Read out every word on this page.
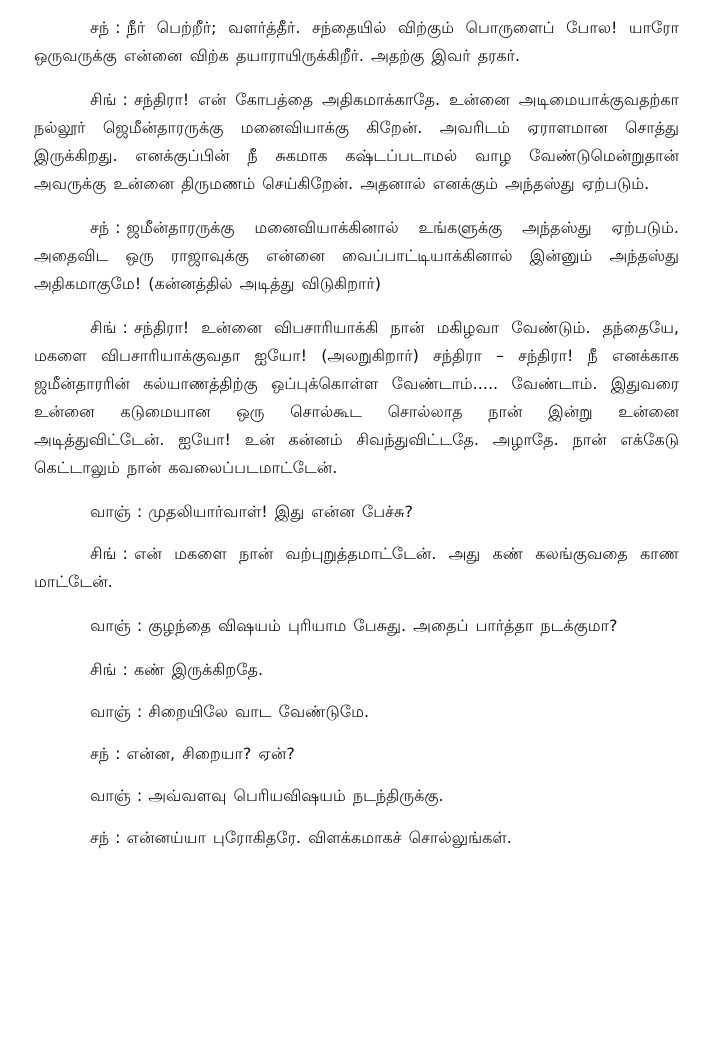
சந் : நீர் பெற்றீர்; வளர்த்தீர். சந்தையில் விற்கும் பொருளைப் போல! யாரோ ஒருவருக்கு என்னை விற்க தயாராயிருக்கிறீர். அதற்கு இவர் தரகர்.

சிங் : சந்திரா! என் கோபத்தை அதிகமாக்காதே. உன்னை அடிமையாக்குவதற்கா நல்லூர் ஜெமீன்தாரருக்கு மனைவியாக்கு கிறேன். அவரிடம் ஏராளமான சொத்து இருக்கிறது. எனக்குப்பின் நீ சுகமாக கஷ்டப்படாமல் வாழ வேண்டுமென்றுதான் அவருக்கு உன்னை திருமணம் செய்கிறேன். அதனால் எனக்கும் அந்தஸ்து ஏற்படும்.

சந் : ஜமீன்தாரருக்கு மனைவியாக்கினால் உங்களுக்கு அந்தஸ்து ஏற்படும். அதைவிட ஒரு ராஜாவுக்கு என்னை வைப்பாட்டியாக்கினால் இன்னும் அந்தஸ்து அதிகமாகுமே! (கன்னத்தில் அடித்து விடுகிறார்)

சிங் : சந்திரா! உன்னை விபசாரியாக்கி நான் மகிழவா வேண்டும். தந்தையே, மகளை விபசாரியாக்குவதா ஐயோ! (அலறுகிறார்) சந்திரா – சந்திரா! நீ எனக்காக ஜமீன்தாரரின் கல்யாணத்திற்கு ஒப்புக்கொள்ள வேண்டாம்..... வேண்டாம். இதுவரை உன்னை கடுமையான ஒரு சொல்கூட சொல்லாத நான் இன்று உன்னை அடித்துவிட்டேன். ஐயோ! உன் கன்னம் சிவந்துவிட்டதே. அழாதே. நான் எக்கேடு கெட்டாலும் நான் கவலைப்படமாட்டேன்.

வாஞ் : முதலியார்வாள்! இது என்ன பேச்சு?

சிங் : என் மகளை நான் வற்புறுத்தமாட்டேன். அது கண் கலங்குவதை காண மாட்டேன்.

வாஞ் : குழந்தை விஷயம் புரியாம பேசுது. அதைப் பார்த்தா நடக்குமா?

சிங் : கண் இருக்கிறதே.

வாஞ் : சிறையிலே வாட வேண்டுமே.

சந் : என்ன, சிறையா? ஏன்?

வாஞ் : அவ்வளவு பெரியவிஷயம் நடந்திருக்கு.

சந் : என்னய்யா புரோகிதரே. விளக்கமாகச் சொல்லுங்கள்.
